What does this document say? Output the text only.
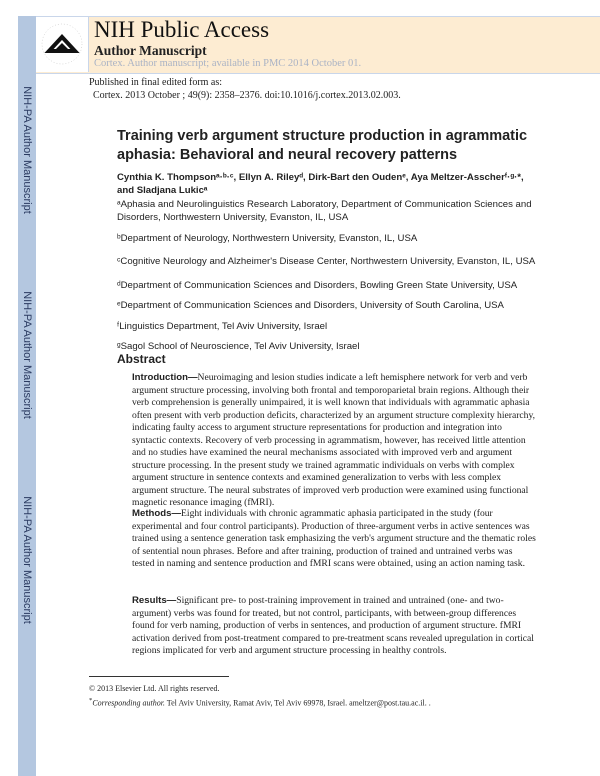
NIH-PA Author Manuscript
NIH-PA Author Manuscript
NIH-PA Author Manuscript
NIH Public Access
Author Manuscript
Cortex. Author manuscript; available in PMC 2014 October 01.
Published in final edited form as:
Cortex. 2013 October ; 49(9): 2358–2376. doi:10.1016/j.cortex.2013.02.003.
Training verb argument structure production in agrammatic aphasia: Behavioral and neural recovery patterns
Cynthia K. Thompsonᵃ·ᵇ·ᶜ, Ellyn A. Rileyᵈ, Dirk-Bart den Oudenᵉ, Aya Meltzer-Asscherᶠ·ᵍ·*, and Sladjana Lukicᵃ
ᵃAphasia and Neurolinguistics Research Laboratory, Department of Communication Sciences and Disorders, Northwestern University, Evanston, IL, USA
ᵇDepartment of Neurology, Northwestern University, Evanston, IL, USA
ᶜCognitive Neurology and Alzheimer's Disease Center, Northwestern University, Evanston, IL, USA
ᵈDepartment of Communication Sciences and Disorders, Bowling Green State University, USA
ᵉDepartment of Communication Sciences and Disorders, University of South Carolina, USA
ᶠLinguistics Department, Tel Aviv University, Israel
Abstract
Introduction—Neuroimaging and lesion studies indicate a left hemisphere network for verb and verb argument structure processing, involving both frontal and temporoparietal brain regions. Although their verb comprehension is generally unimpaired, it is well known that individuals with agrammatic aphasia often present with verb production deficits, characterized by an argument structure complexity hierarchy, indicating faulty access to argument structure representations for production and integration into syntactic contexts. Recovery of verb processing in agrammatism, however, has received little attention and no studies have examined the neural mechanisms associated with improved verb and argument structure processing. In the present study we trained agrammatic individuals on verbs with complex argument structure in sentence contexts and examined generalization to verbs with less complex argument structure. The neural substrates of improved verb production were examined using functional magnetic resonance imaging (fMRI).
Methods—Eight individuals with chronic agrammatic aphasia participated in the study (four experimental and four control participants). Production of three-argument verbs in active sentences was trained using a sentence generation task emphasizing the verb's argument structure and the thematic roles of sentential noun phrases. Before and after training, production of trained and untrained verbs was tested in naming and sentence production and fMRI scans were obtained, using an action naming task.
Results—Significant pre- to post-training improvement in trained and untrained (one- and two-argument) verbs was found for treated, but not control, participants, with between-group differences found for verb naming, production of verbs in sentences, and production of argument structure. fMRI activation derived from post-treatment compared to pre-treatment scans revealed upregulation in cortical regions implicated for verb and argument structure processing in healthy controls.
© 2013 Elsevier Ltd. All rights reserved.
*Corresponding author. Tel Aviv University, Ramat Aviv, Tel Aviv 69978, Israel. ameltzer@post.tau.ac.il. .
ᵍSagol School of Neuroscience, Tel Aviv University, Israel
